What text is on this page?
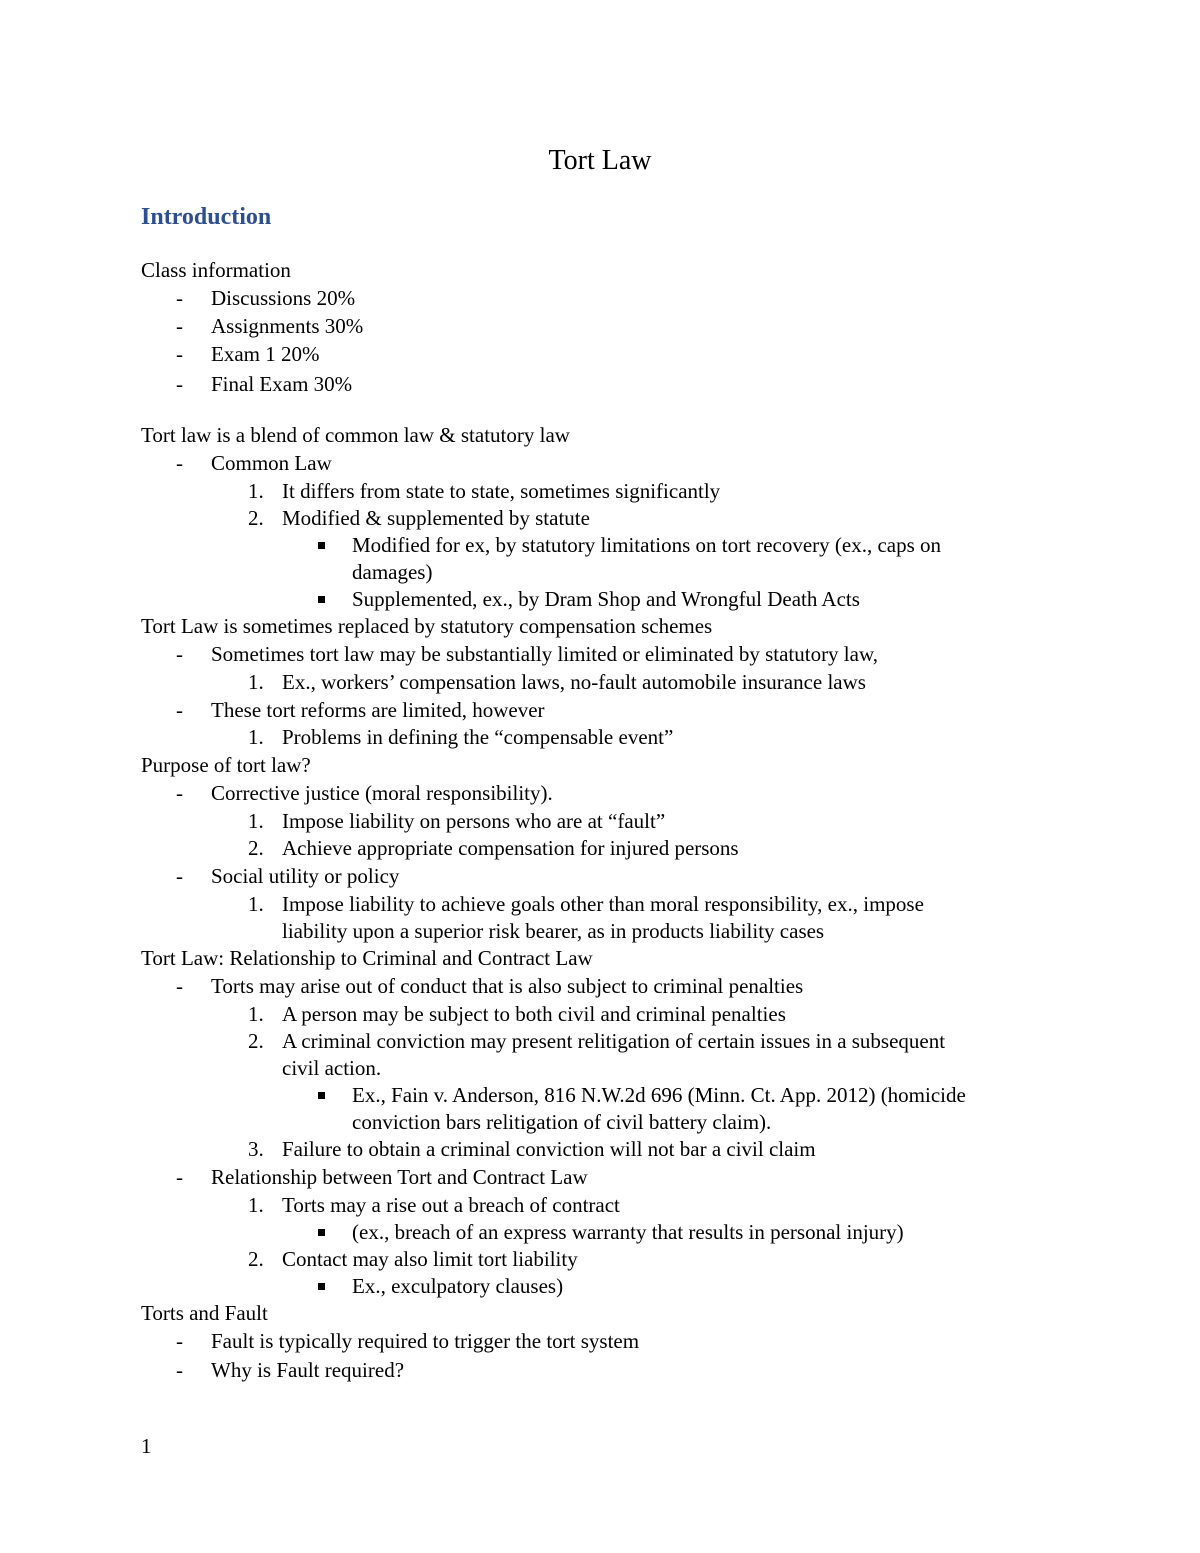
Tort Law
Introduction
Class information
- Discussions 20%
- Assignments 30%
- Exam 1 20%
- Final Exam 30%
Tort law is a blend of common law & statutory law
- Common Law
1. It differs from state to state, sometimes significantly
2. Modified & supplemented by statute
Modified for ex, by statutory limitations on tort recovery (ex., caps on
damages)
Supplemented, ex., by Dram Shop and Wrongful Death Acts
Tort Law is sometimes replaced by statutory compensation schemes
- Sometimes tort law may be substantially limited or eliminated by statutory law,
1. Ex., workers’ compensation laws, no-fault automobile insurance laws
- These tort reforms are limited, however
1. Problems in defining the “compensable event”
Purpose of tort law?
- Corrective justice (moral responsibility).
1. Impose liability on persons who are at “fault”
2. Achieve appropriate compensation for injured persons
- Social utility or policy
1. Impose liability to achieve goals other than moral responsibility, ex., impose
liability upon a superior risk bearer, as in products liability cases
Tort Law: Relationship to Criminal and Contract Law
- Torts may arise out of conduct that is also subject to criminal penalties
1. A person may be subject to both civil and criminal penalties
2. A criminal conviction may present relitigation of certain issues in a subsequent
civil action.
Ex., Fain v. Anderson, 816 N.W.2d 696 (Minn. Ct. App. 2012) (homicide
conviction bars relitigation of civil battery claim).
3. Failure to obtain a criminal conviction will not bar a civil claim
- Relationship between Tort and Contract Law
1. Torts may a rise out a breach of contract
(ex., breach of an express warranty that results in personal injury)
2. Contact may also limit tort liability
Ex., exculpatory clauses)
Torts and Fault
- Fault is typically required to trigger the tort system
- Why is Fault required?
1
